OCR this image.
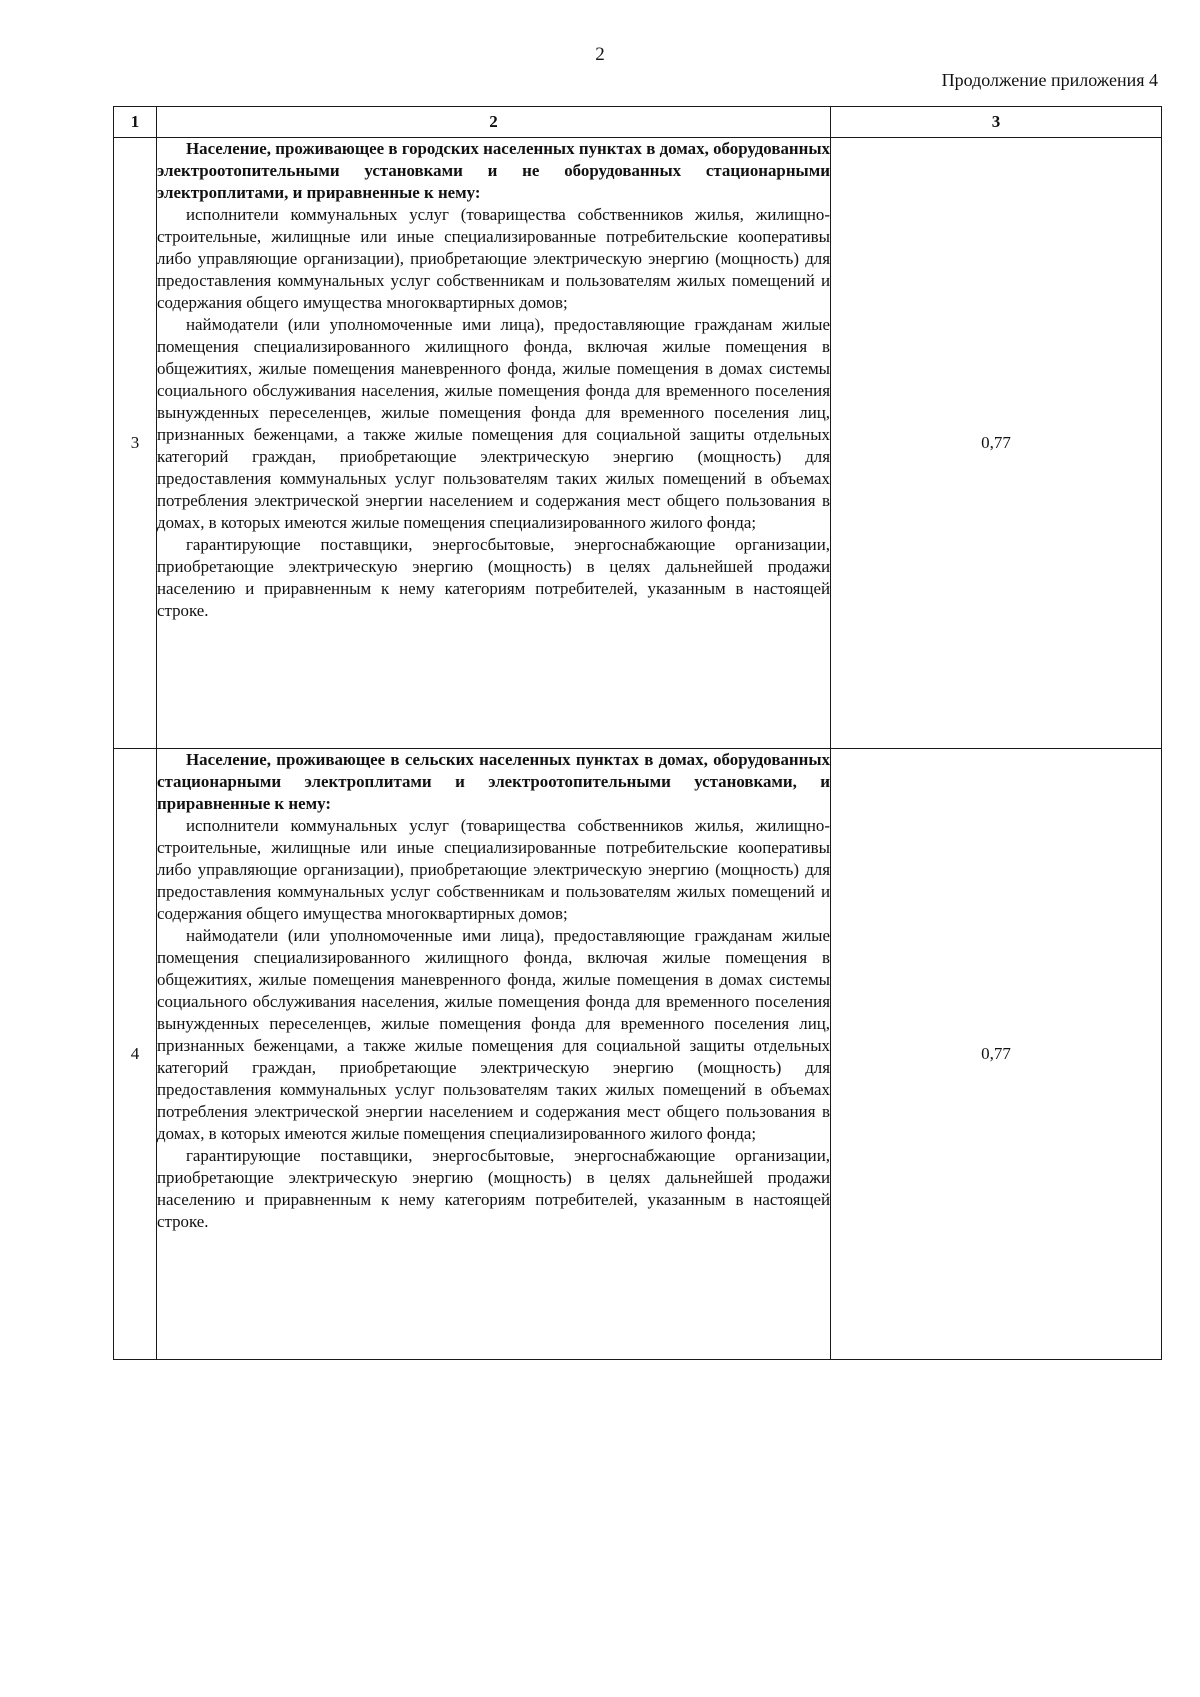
2
Продолжение приложения 4
1	2	3
3	Население, проживающее в городских населенных пунктах в домах, оборудованных электроотопительными установками и не оборудованных стационарными электроплитами, и приравненные к нему:

исполнители коммунальных услуг (товарищества собственников жилья, жилищно-строительные, жилищные или иные специализированные потребительские кооперативы либо управляющие организации), приобретающие электрическую энергию (мощность) для предоставления коммунальных услуг собственникам и пользователям жилых помещений и содержания общего имущества многоквартирных домов;

наймодатели (или уполномоченные ими лица), предоставляющие гражданам жилые помещения специализированного жилищного фонда, включая жилые помещения в общежитиях, жилые помещения маневренного фонда, жилые помещения в домах системы социального обслуживания населения, жилые помещения фонда для временного поселения вынужденных переселенцев, жилые помещения фонда для временного поселения лиц, признанных беженцами, а также жилые помещения для социальной защиты отдельных категорий граждан, приобретающие электрическую энергию (мощность) для предоставления коммунальных услуг пользователям таких жилых помещений в объемах потребления электрической энергии населением и содержания мест общего пользования в домах, в которых имеются жилые помещения специализированного жилого фонда;

гарантирующие поставщики, энергосбытовые, энергоснабжающие организации, приобретающие электрическую энергию (мощность) в целях дальнейшей продажи населению и приравненным к нему категориям потребителей, указанным в настоящей строке.	0,77
4	Население, проживающее в сельских населенных пунктах в домах, оборудованных стационарными электроплитами и электроотопительными установками, и приравненные к нему:

исполнители коммунальных услуг (товарищества собственников жилья, жилищно-строительные, жилищные или иные специализированные потребительские кооперативы либо управляющие организации), приобретающие электрическую энергию (мощность) для предоставления коммунальных услуг собственникам и пользователям жилых помещений и содержания общего имущества многоквартирных домов;

наймодатели (или уполномоченные ими лица), предоставляющие гражданам жилые помещения специализированного жилищного фонда, включая жилые помещения в общежитиях, жилые помещения маневренного фонда, жилые помещения в домах системы социального обслуживания населения, жилые помещения фонда для временного поселения вынужденных переселенцев, жилые помещения фонда для временного поселения лиц, признанных беженцами, а также жилые помещения для социальной защиты отдельных категорий граждан, приобретающие электрическую энергию (мощность) для предоставления коммунальных услуг пользователям таких жилых помещений в объемах потребления электрической энергии населением и содержания мест общего пользования в домах, в которых имеются жилые помещения специализированного жилого фонда;

гарантирующие поставщики, энергосбытовые, энергоснабжающие организации, приобретающие электрическую энергию (мощность) в целях дальнейшей продажи населению и приравненным к нему категориям потребителей, указанным в настоящей строке.	0,77
